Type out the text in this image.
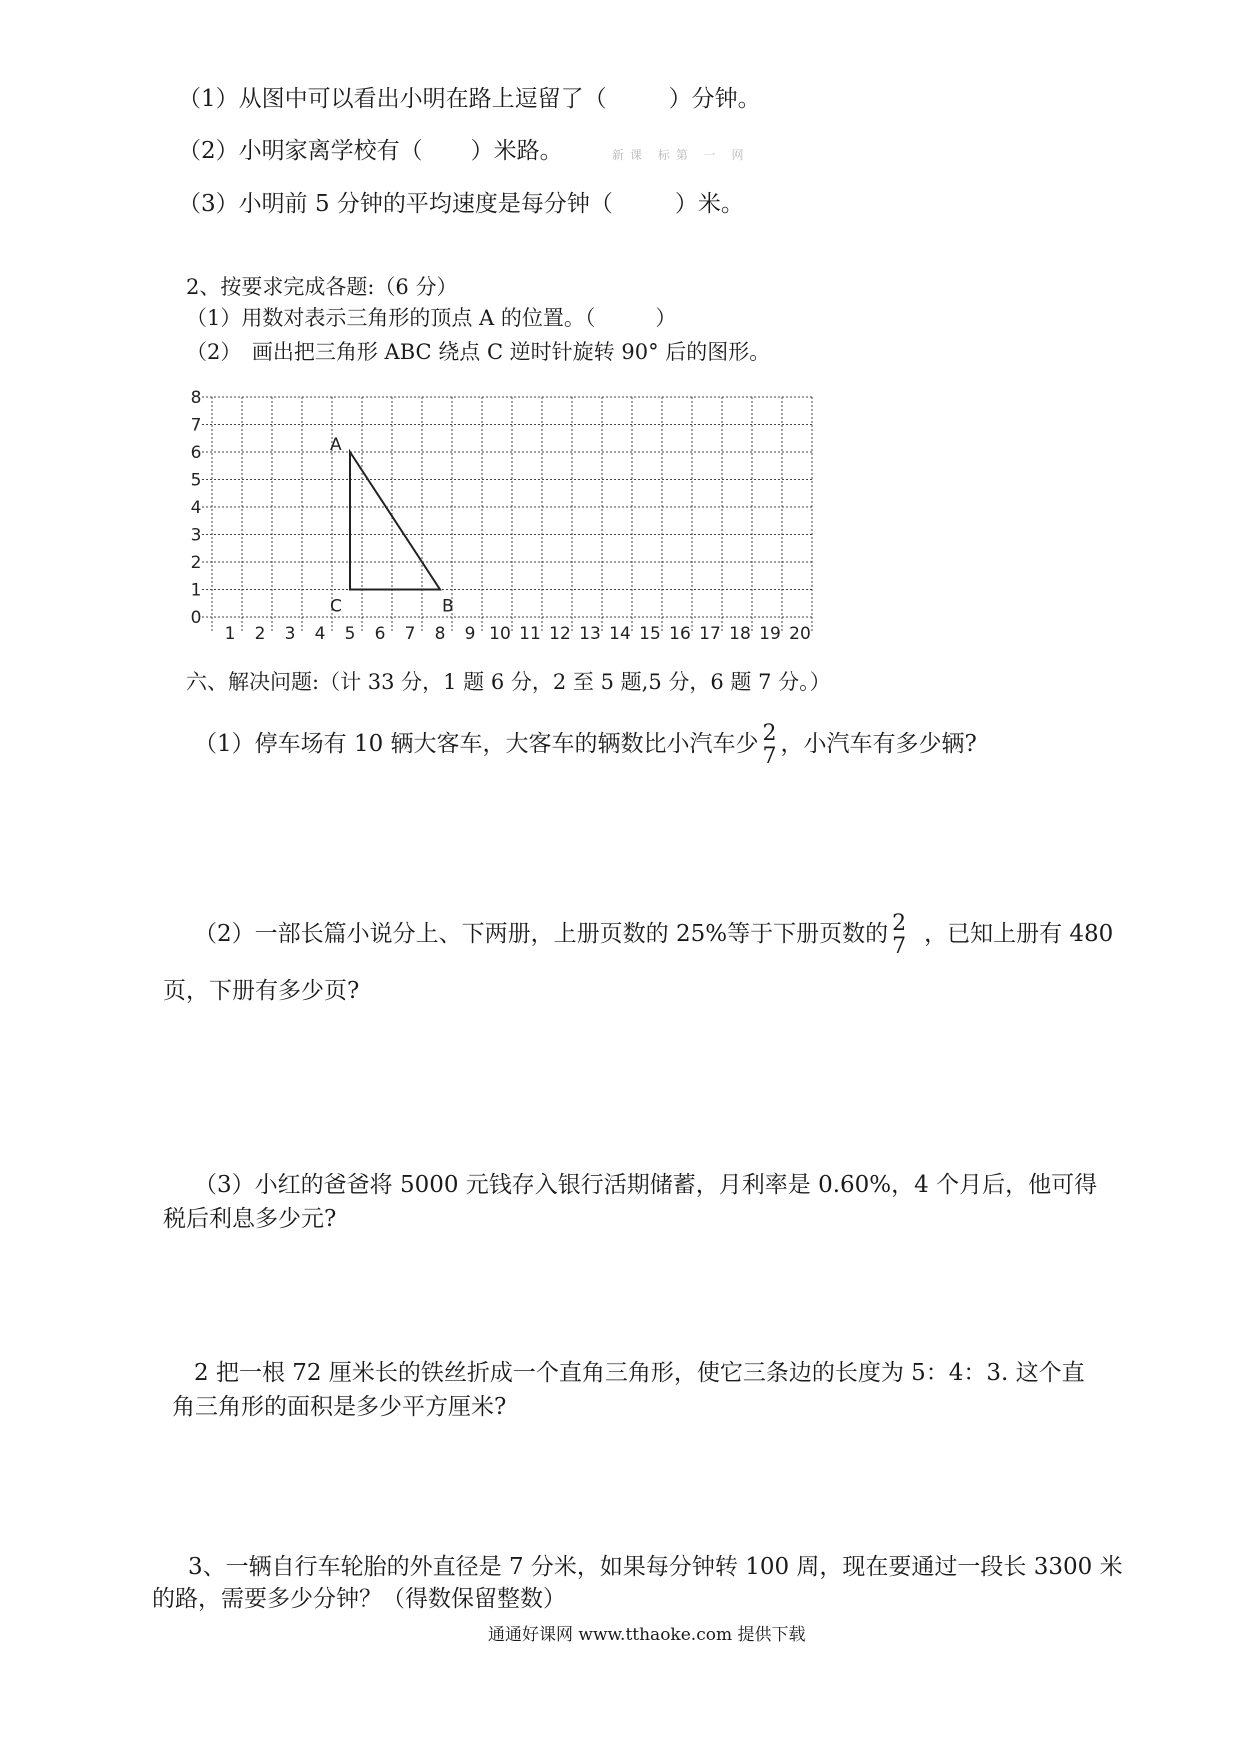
（1）从图中可以看出小明在路上逗留了（	）分钟。
（2）小明家离学校有（ ）米路。	新课 标第 一 网
（3）小明前 5 分钟的平均速度是每分钟（	）米。
2、按要求完成各题:（6 分）
（1）用数对表示三角形的顶点 A 的位置。（	）
（2）　画出把三角形 ABC 绕点 C 逆时针旋转 90° 后的图形。
0
1
2
3
4
5
6
7
8
1 2 3 4 5 6 7 8 9 10 11 12 13 14 15 16 17 18 19 20
A
B
C
六、解决问题:（计 33 分，1 题 6 分，2 至 5 题,5 分，6 题 7 分。）
（1）停车场有 10 辆大客车，大客车的辆数比小汽车少 2
7 ，小汽车有多少辆?
（2）一部长篇小说分上、下两册，上册页数的 25%等于下册页数的 2
7 ，已知上册有 480
页，下册有多少页?
（3）小红的爸爸将 5000 元钱存入银行活期储蓄，月利率是 0.60%，4 个月后，他可得
税后利息多少元?
2 把一根 72 厘米长的铁丝折成一个直角三角形，使它三条边的长度为 5：4：3. 这个直
角三角形的面积是多少平方厘米?
3、一辆自行车轮胎的外直径是 7 分米，如果每分钟转 100 周，现在要通过一段长 3300 米
的路，需要多少分钟？（得数保留整数）
通通好课网 www.tthaoke.com 提供下载
